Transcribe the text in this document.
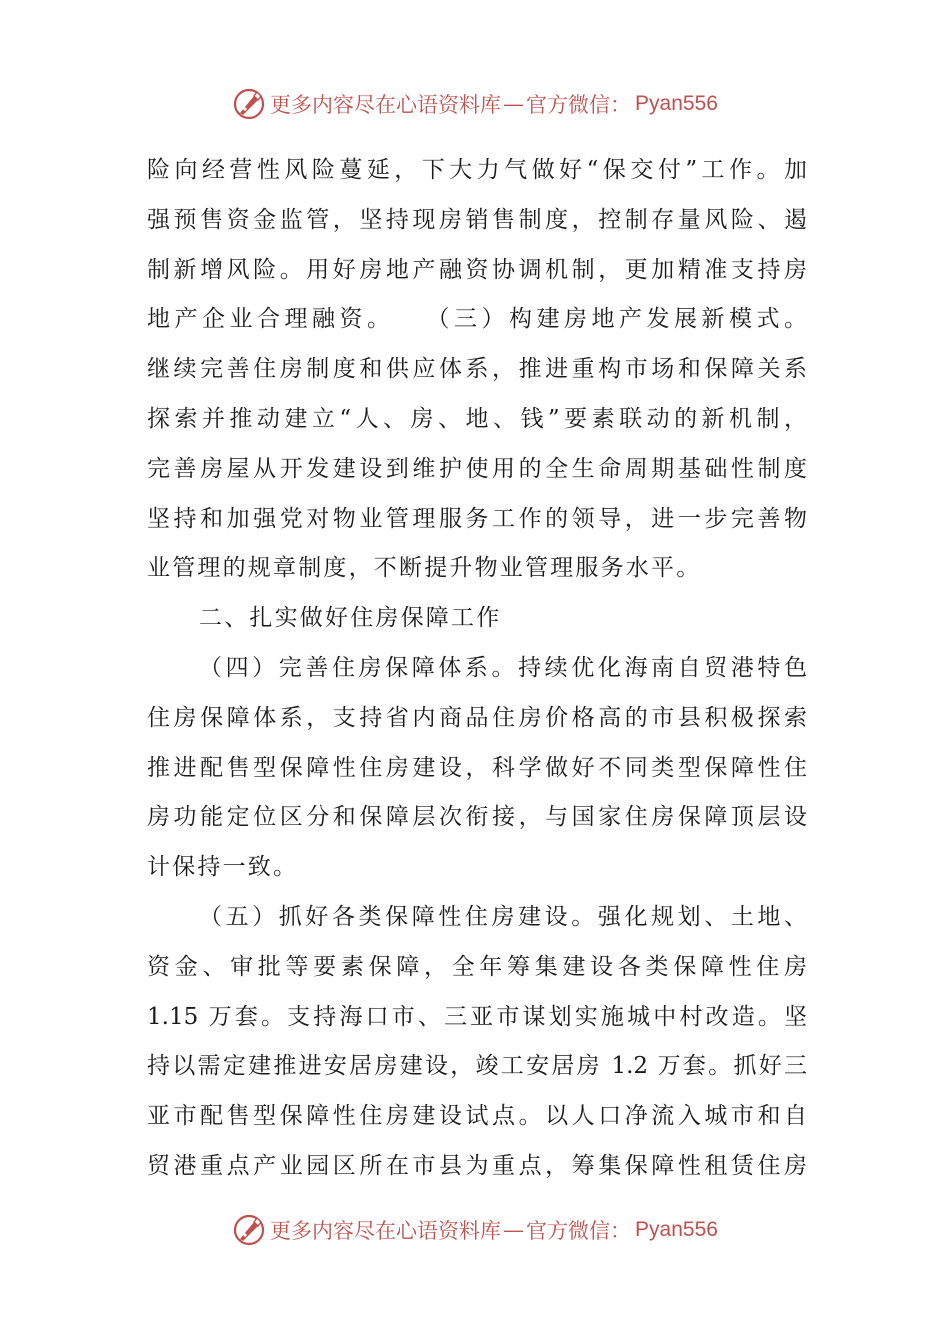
更多内容尽在心语资料库 — 官方微信： Pyan556
险向经营性风险蔓延，下大力气做好“保交付”工作。加
强预售资金监管，坚持现房销售制度，控制存量风险、遏
制新增风险。用好房地产融资协调机制，更加精准支持房
地产企业合理融资。　　（三）构建房地产发展新模式。
继续完善住房制度和供应体系，推进重构市场和保障关系
探索并推动建立“人、房、地、钱”要素联动的新机制，
完善房屋从开发建设到维护使用的全生命周期基础性制度
坚持和加强党对物业管理服务工作的领导，进一步完善物
业管理的规章制度，不断提升物业管理服务水平。
二、扎实做好住房保障工作
（四）完善住房保障体系。持续优化海南自贸港特色
住房保障体系，支持省内商品住房价格高的市县积极探索
推进配售型保障性住房建设，科学做好不同类型保障性住
房功能定位区分和保障层次衔接，与国家住房保障顶层设
计保持一致。
（五）抓好各类保障性住房建设。强化规划、土地、
资金、审批等要素保障，全年筹集建设各类保障性住房
1.15 万套。支持海口市、三亚市谋划实施城中村改造。坚
持以需定建推进安居房建设，竣工安居房 1.2 万套。抓好三
亚市配售型保障性住房建设试点。以人口净流入城市和自
贸港重点产业园区所在市县为重点，筹集保障性租赁住房
更多内容尽在心语资料库 — 官方微信： Pyan556
